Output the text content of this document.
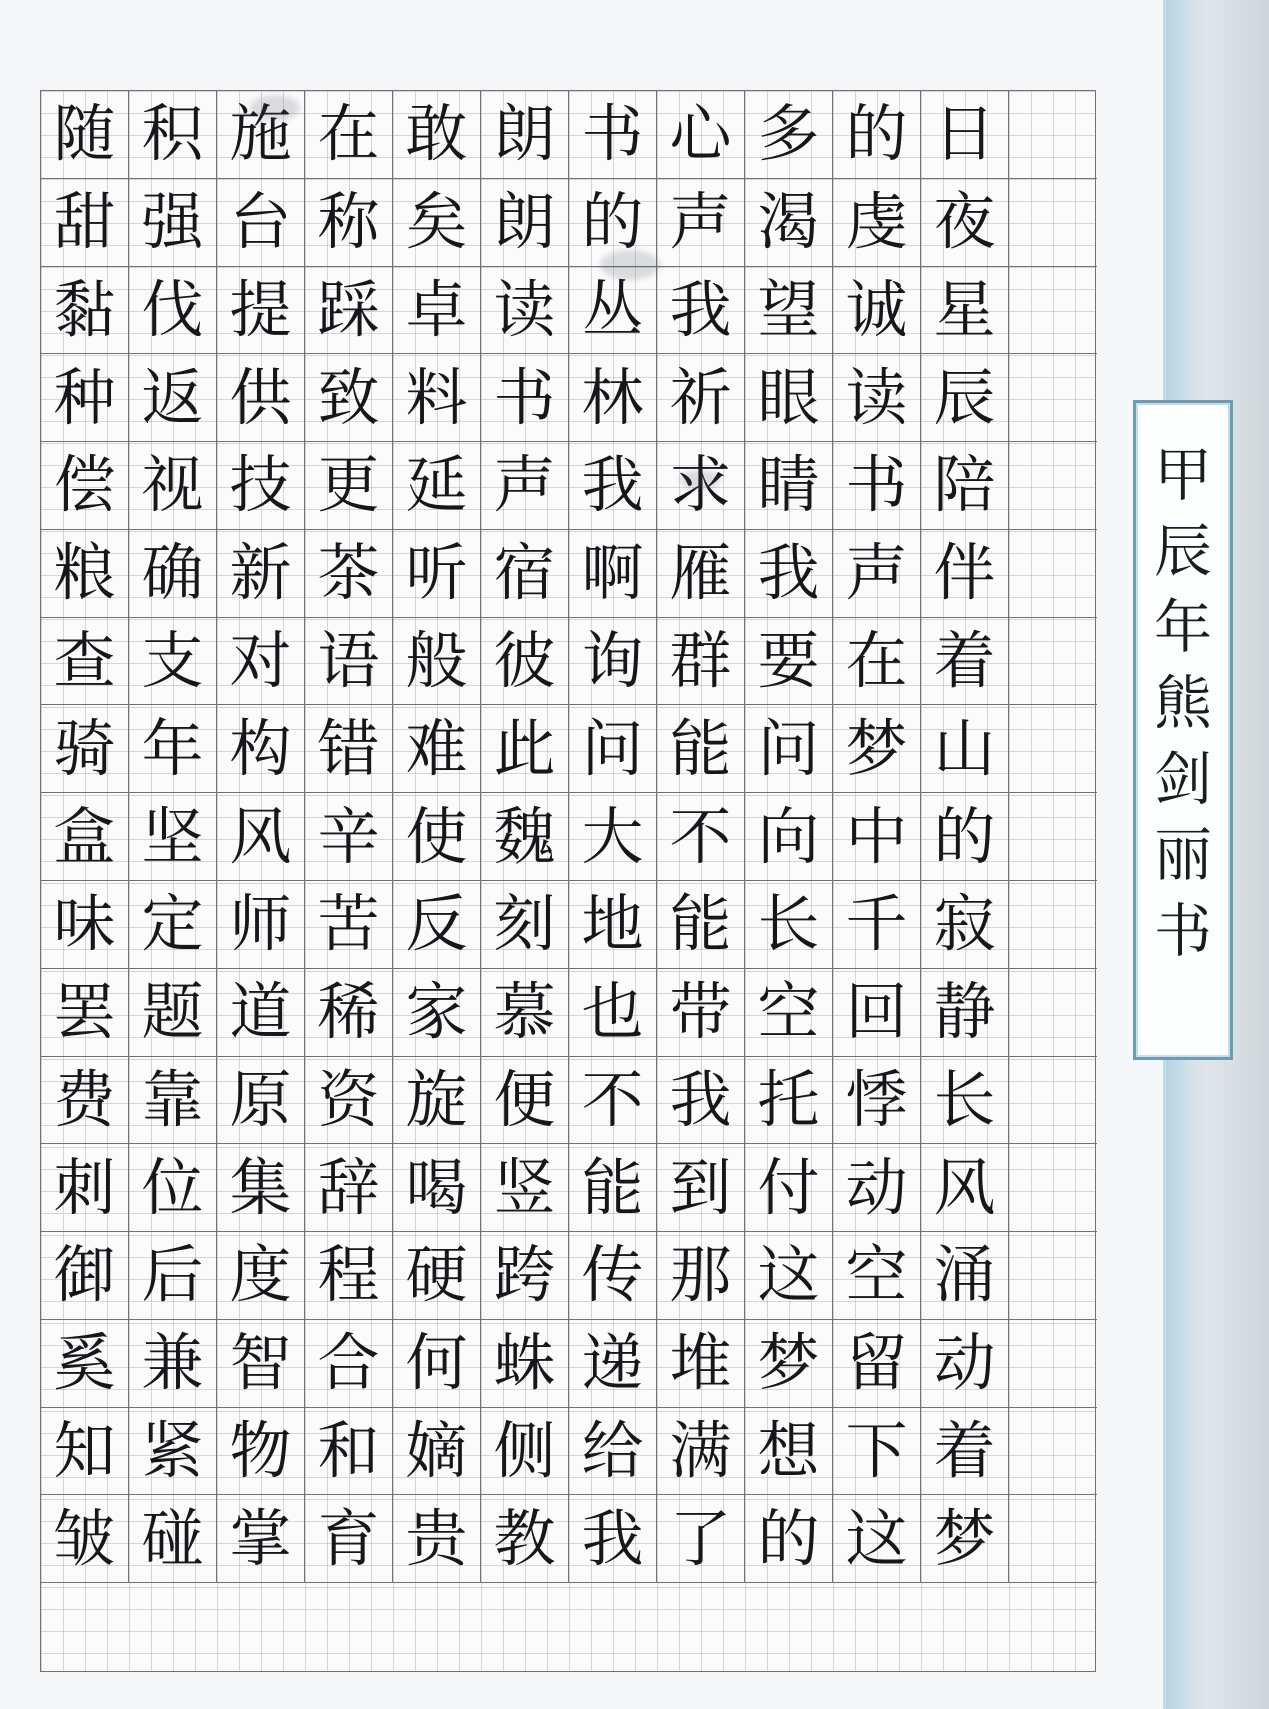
随 积 施 在 敢 朗 书 心 多 的 日
甜 强 台 称 矣 朗 的 声 渴 虔 夜
黏 伐 提 踩 卓 读 丛 我 望 诚 星
种 返 供 致 料 书 林 祈 眼 读 辰
偿 视 技 更 延 声 我 求 睛 书 陪
粮 确 新 茶 听 宿 啊 雁 我 声 伴
查 支 对 语 般 彼 询 群 要 在 着
骑 年 构 错 难 此 问 能 问 梦 山
盒 坚 风 辛 使 魏 大 不 向 中 的
味 定 师 苦 反 刻 地 能 长 千 寂
罢 题 道 稀 家 慕 也 带 空 回 静
费 靠 原 资 旋 便 不 我 托 悸 长
刺 位 集 辞 喝 竖 能 到 付 动 风
御 后 度 程 硬 跨 传 那 这 空 涌
奚 兼 智 合 何 蛛 递 堆 梦 留 动
知 紧 物 和 嫡 侧 给 满 想 下 着
皱 碰 掌 育 贵 教 我 了 的 这 梦
甲
辰
年
熊
剑
丽
书
